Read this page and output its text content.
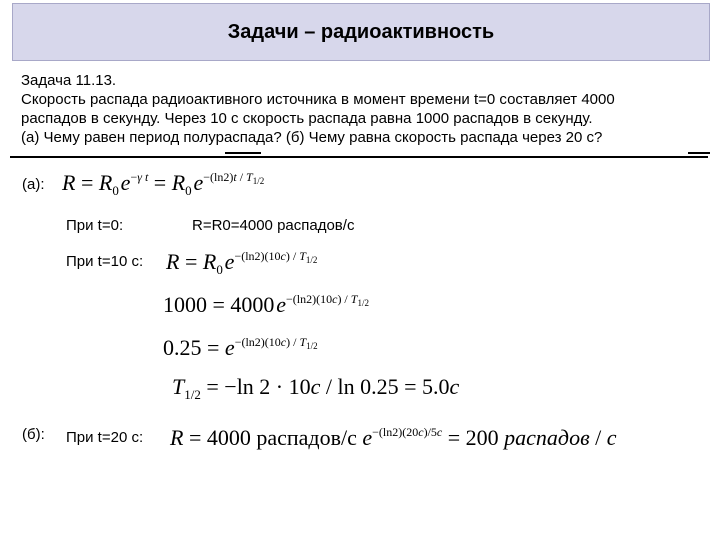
Задачи – радиоактивность
Задача 11.13.
Скорость распада радиоактивного источника в момент времени t=0 составляет 4000
распадов в секунду. Через 10 с скорость распада равна 1000 распадов в секунду.
(а) Чему равен период полураспада? (б) Чему равна скорость распада через 20 с?
(а): $R = R_0$ $e^{-\gamma t} = R_0$ $e^{-(ln2)t / T_{1/2}}$
При t=0:	R=R0=4000 распадов/с
При t=10 с: $R = R_0$ $e^{-(ln2)(10c) / T_{1/2}}$
1000 = 4000 $e^{-(ln2)(10c) / T_{1/2}}$
$0.25 = e^{-(ln2)(10c) / T_{1/2}}$
$T_{1/2} = -\ln$ 2 · 10c / ln 0.25 = 5.0c
(б): При t=20 с: R = 4000 распадов/с $e^{-(ln2)(20c)/5c} = 200$ распадов / с
